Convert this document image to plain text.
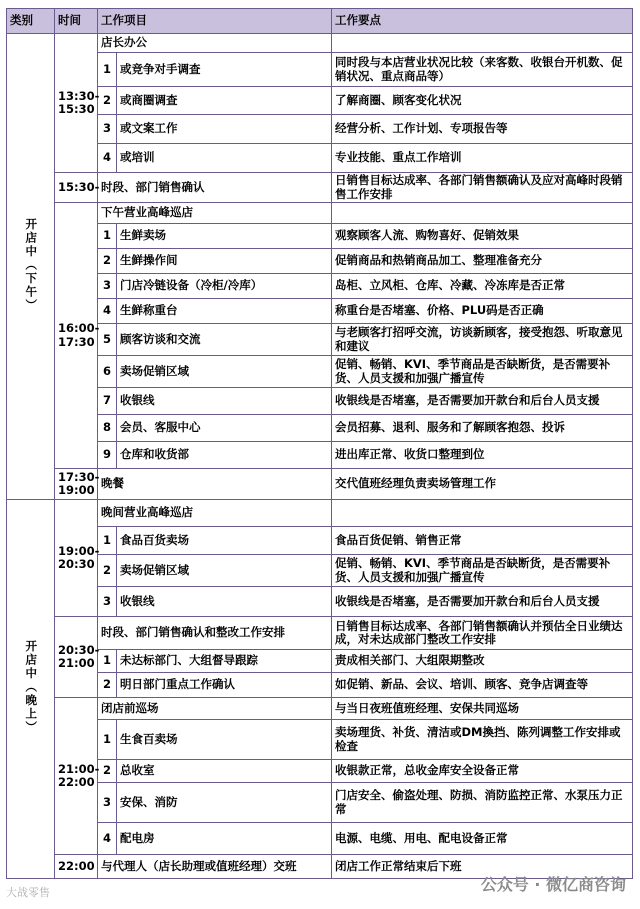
类别	时间	工作项目		工作要点
开店中（下午）	13:30-15:30	店长办公		
		1	或竞争对手调查	同时段与本店营业状况比较（来客数、收银台开机数、促销状况、重点商品等）
		2	或商圈调查	了解商圈、顾客变化状况
		3	或文案工作	经营分析、工作计划、专项报告等
		4	或培训	专业技能、重点工作培训
	15:30-	时段、部门销售确认		日销售目标达成率、各部门销售额确认及应对高峰时段销售工作安排
	16:00-17:30	下午营业高峰巡店		
		1	生鲜卖场	观察顾客人流、购物喜好、促销效果
		2	生鲜操作间	促销商品和热销商品加工、整理准备充分
		3	门店冷链设备（冷柜/冷库）	岛柜、立风柜、仓库、冷藏、冷冻库是否正常
		4	生鲜称重台	称重台是否堵塞、价格、PLU码是否正确
		5	顾客访谈和交流	与老顾客打招呼交流，访谈新顾客，接受抱怨、听取意见和建议
		6	卖场促销区域	促销、畅销、KVI、季节商品是否缺断货，是否需要补货、人员支援和加强广播宣传
		7	收银线	收银线是否堵塞，是否需要加开款台和后台人员支援
		8	会员、客服中心	会员招募、退利、服务和了解顾客抱怨、投诉
		9	仓库和收货部	进出库正常、收货口整理到位
	17:30-19:00	晚餐		交代值班经理负责卖场管理工作
开店中（晚上）	19:00-20:30	晚间营业高峰巡店		
		1	食品百货卖场	食品百货促销、销售正常
		2	卖场促销区域	促销、畅销、KVI、季节商品是否缺断货，是否需要补货、人员支援和加强广播宣传
		3	收银线	收银线是否堵塞，是否需要加开款台和后台人员支援
	20:30-21:00	时段、部门销售确认和整改工作安排		日销售目标达成率、各部门销售额确认并预估全日业绩达成，对未达成部门整改工作安排
		1	未达标部门、大组督导跟踪	责成相关部门、大组限期整改
		2	明日部门重点工作确认	如促销、新品、会议、培训、顾客、竞争店调查等
	21:00-22:00	闭店前巡场		与当日夜班值班经理、安保共同巡场
		1	生食百卖场	卖场理货、补货、清洁或DM換挡、陈列调整工作安排或检查
		2	总收室	收银款正常，总收金库安全设备正常
		3	安保、消防	门店安全、偷盗处理、防损、消防监控正常、水泵压力正常
		4	配电房	电源、电缆、用电、配电设备正常
	22:00	与代理人（店长助理或值班经理）交班		闭店工作正常结束后下班
大战零售	公众号 · 微亿商咨询
